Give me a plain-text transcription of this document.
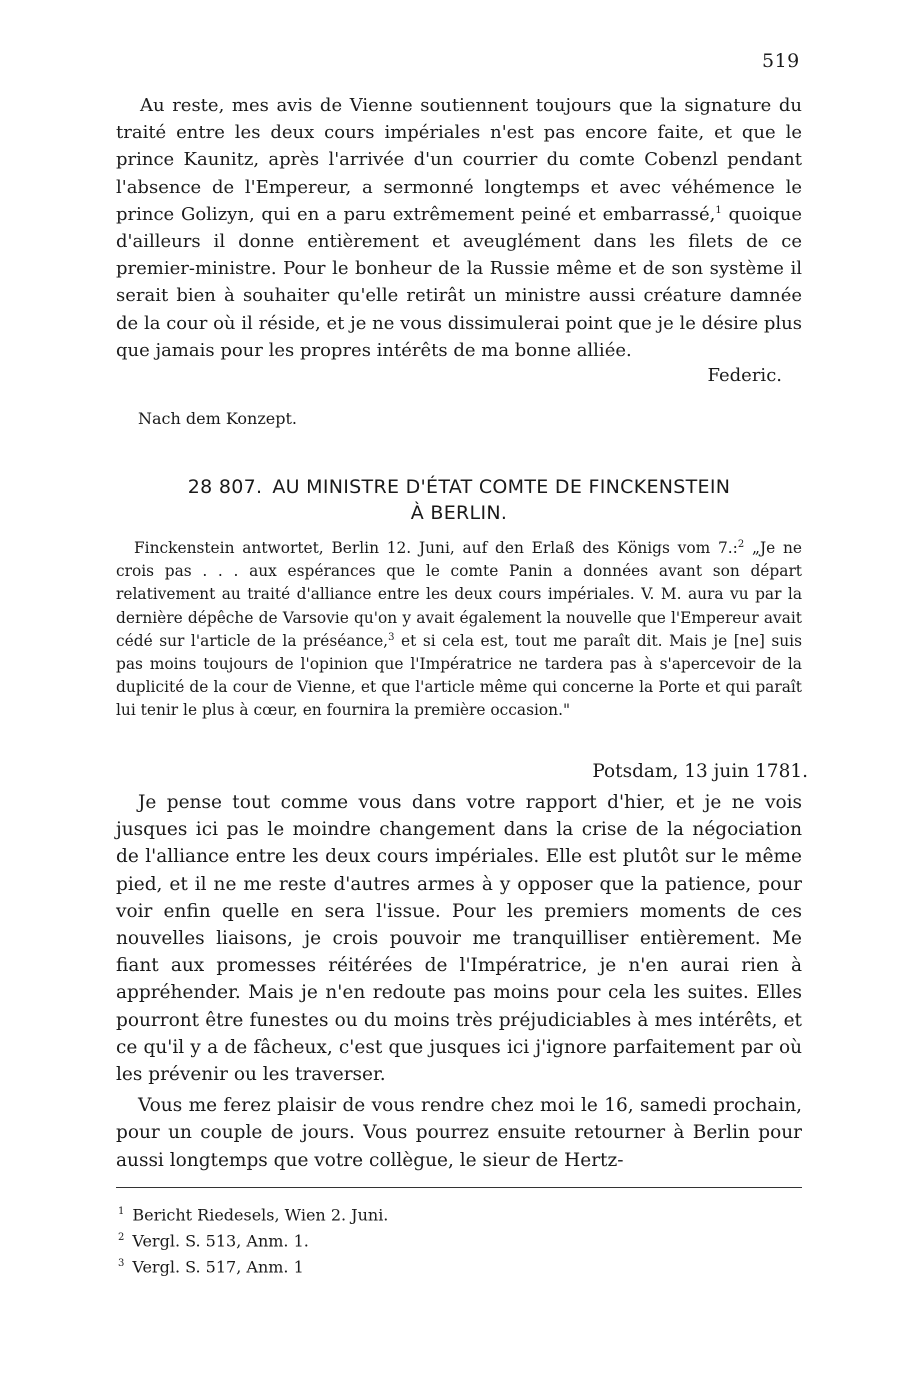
519

Au reste, mes avis de Vienne soutiennent toujours que la signature du traité entre les deux cours impériales n'est pas encore faite, et que le prince Kaunitz, après l'arrivée d'un courrier du comte Cobenzl pendant l'absence de l'Empereur, a sermonné longtemps et avec véhémence le prince Golizyn, qui en a paru extrêmement peiné et embarrassé,$^1$ quoique d'ailleurs il donne entièrement et aveuglément dans les filets de ce premier-ministre. Pour le bonheur de la Russie même et de son système il serait bien à souhaiter qu'elle retirât un ministre aussi créature damnée de la cour où il réside, et je ne vous dissimulerai point que je le désire plus que jamais pour les propres intérêts de ma bonne alliée.

Federic.
Nach dem Konzept.
28 807. AU MINISTRE D'ÉTAT COMTE DE FINCKENSTEIN
À BERLIN.

Finckenstein antwortet, Berlin 12. Juni, auf den Erlaß des Königs vom 7.:$^2$ „Je ne crois pas . . . aux espérances que le comte Panin a données avant son départ relativement au traité d'alliance entre les deux cours impériales. V. M. aura vu par la dernière dépêche de Varsovie qu'on y avait également la nouvelle que l'Empereur avait cédé sur l'article de la préséance,$^3$ et si cela est, tout me paraît dit. Mais je [ne] suis pas moins toujours de l'opinion que l'Impératrice ne tardera pas à s'apercevoir de la duplicité de la cour de Vienne, et que l'article même qui concerne la Porte et qui paraît lui tenir le plus à cœur, en fournira la première occasion."

Potsdam, 13 juin 1781.

Je pense tout comme vous dans votre rapport d'hier, et je ne vois jusques ici pas le moindre changement dans la crise de la négociation de l'alliance entre les deux cours impériales. Elle est plutôt sur le même pied, et il ne me reste d'autres armes à y opposer que la patience, pour voir enfin quelle en sera l'issue. Pour les premiers moments de ces nouvelles liaisons, je crois pouvoir me tranquilliser entièrement. Me fiant aux promesses réitérées de l'Impératrice, je n'en aurai rien à appréhender. Mais je n'en redoute pas moins pour cela les suites. Elles pourront être funestes ou du moins très préjudiciables à mes intérêts, et ce qu'il y a de fâcheux, c'est que jusques ici j'ignore parfaitement par où les prévenir ou les traverser.

Vous me ferez plaisir de vous rendre chez moi le 16, samedi prochain, pour un couple de jours. Vous pourrez ensuite retourner à Berlin pour aussi longtemps que votre collègue, le sieur de Hertz-

$^1$ Bericht Riedesels, Wien 2. Juni.
$^2$ Vergl. S. 513, Anm. 1.
$^3$ Vergl. S. 517, Anm. 1
